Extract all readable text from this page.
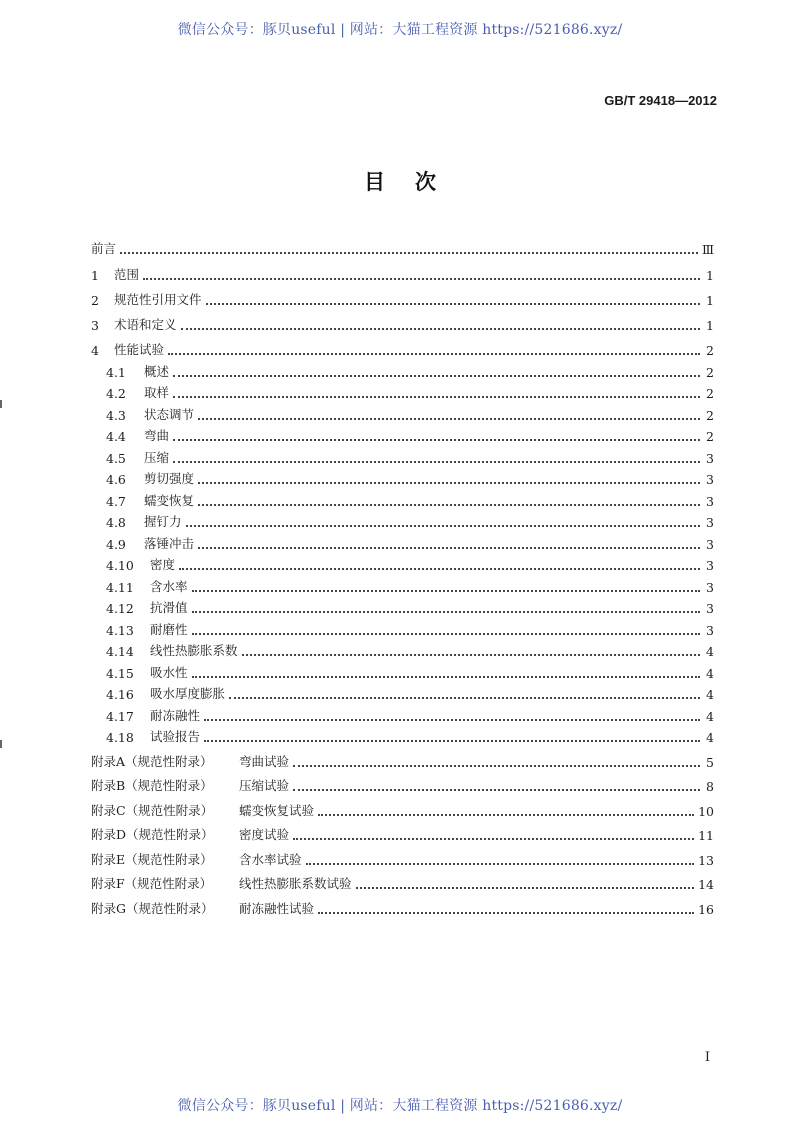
微信公众号：豚贝useful | 网站：大猫工程资源 https://521686.xyz/
GB/T 29418—2012
目次
前言	Ⅲ
1	范围	1
2	规范性引用文件	1
3	术语和定义	1
4	性能试验	2
4.1	概述	2
4.2	取样	2
4.3	状态调节	2
4.4	弯曲	2
4.5	压缩	3
4.6	剪切强度	3
4.7	蠕变恢复	3
4.8	握钉力	3
4.9	落锤冲击	3
4.10	密度	3
4.11	含水率	3
4.12	抗滑值	3
4.13	耐磨性	3
4.14	线性热膨胀系数	4
4.15	吸水性	4
4.16	吸水厚度膨胀	4
4.17	耐冻融性	4
4.18	试验报告	4
附录A（规范性附录）	弯曲试验	5
附录B（规范性附录）	压缩试验	8
附录C（规范性附录）	蠕变恢复试验	10
附录D（规范性附录）	密度试验	11
附录E（规范性附录）	含水率试验	13
附录F（规范性附录）	线性热膨胀系数试验	14
附录G（规范性附录）	耐冻融性试验	16
I
微信公众号：豚贝useful | 网站：大猫工程资源 https://521686.xyz/
